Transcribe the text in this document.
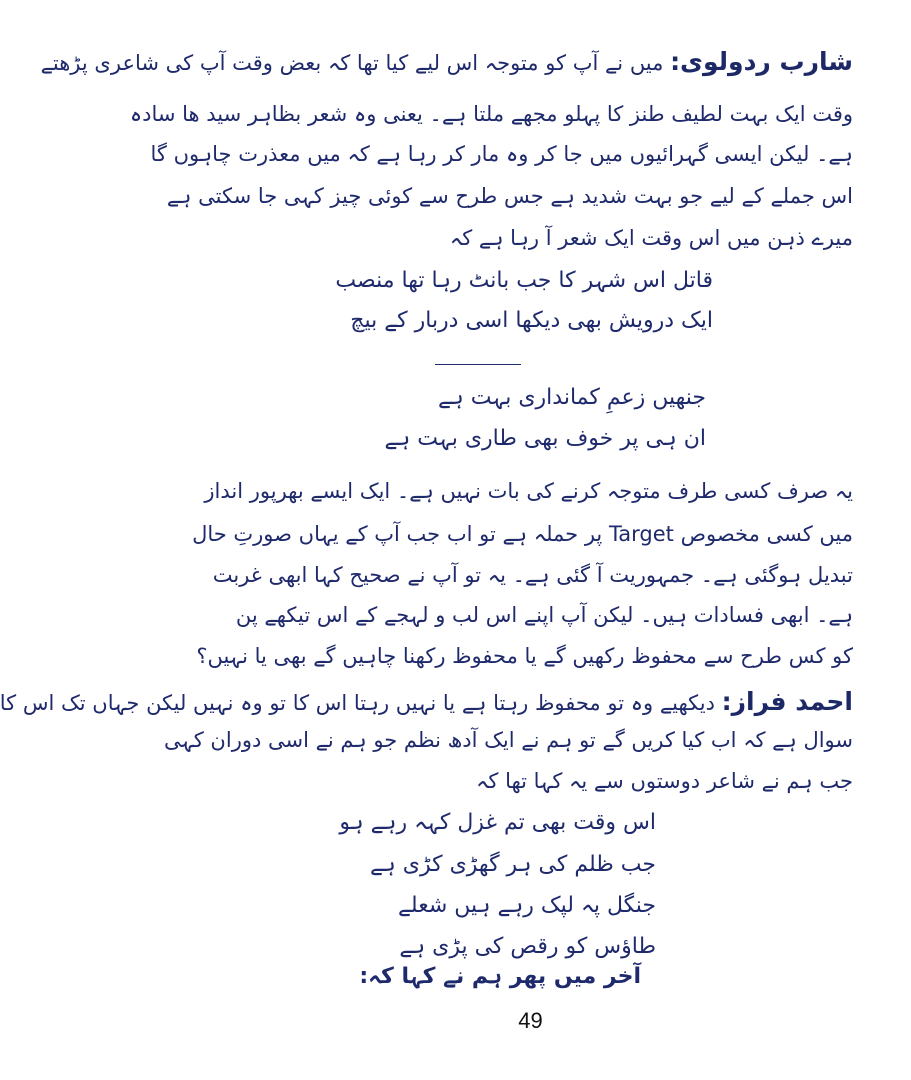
شارب ردولوی: میں نے آپ کو متوجہ اس لیے کیا تھا کہ بعض وقت آپ کی شاعری پڑھتے
وقت ایک بہت لطیف طنز کا پہلو مجھے ملتا ہے۔ یعنی وہ شعر بظاہر سید ھا سادہ
ہے۔ لیکن ایسی گہرائیوں میں جا کر وہ مار کر رہا ہے کہ میں معذرت چاہوں گا
اس جملے کے لیے جو بہت شدید ہے جس طرح سے کوئی چیز کہی جا سکتی ہے
میرے ذہن میں اس وقت ایک شعر آ رہا ہے کہ
قاتل اس شہر کا جب بانٹ رہا تھا منصب
ایک درویش بھی دیکھا اسی دربار کے بیچ
جنھیں زعمِ کمانداری بہت ہے
ان ہی پر خوف بھی طاری بہت ہے
یہ صرف کسی طرف متوجہ کرنے کی بات نہیں ہے۔ ایک ایسے بھرپور انداز
میں کسی مخصوص Target پر حملہ ہے تو اب جب آپ کے یہاں صورتِ حال
تبدیل ہوگئی ہے۔ جمہوریت آ گئی ہے۔ یہ تو آپ نے صحیح کہا ابھی غربت
ہے۔ ابھی فسادات ہیں۔ لیکن آپ اپنے اس لب و لہجے کے اس تیکھے پن
کو کس طرح سے محفوظ رکھیں گے یا محفوظ رکھنا چاہیں گے بھی یا نہیں؟
احمد فراز: دیکھیے وہ تو محفوظ رہتا ہے یا نہیں رہتا اس کا تو وہ نہیں لیکن جہاں تک اس کا
سوال ہے کہ اب کیا کریں گے تو ہم نے ایک آدھ نظم جو ہم نے اسی دوران کہی
جب ہم نے شاعر دوستوں سے یہ کہا تھا کہ
اس وقت بھی تم غزل کہہ رہے ہو
جب ظلم کی ہر گھڑی کڑی ہے
جنگل پہ لپک رہے ہیں شعلے
طاؤس کو رقص کی پڑی ہے
آخر میں پھر ہم نے کہا کہ:
49
